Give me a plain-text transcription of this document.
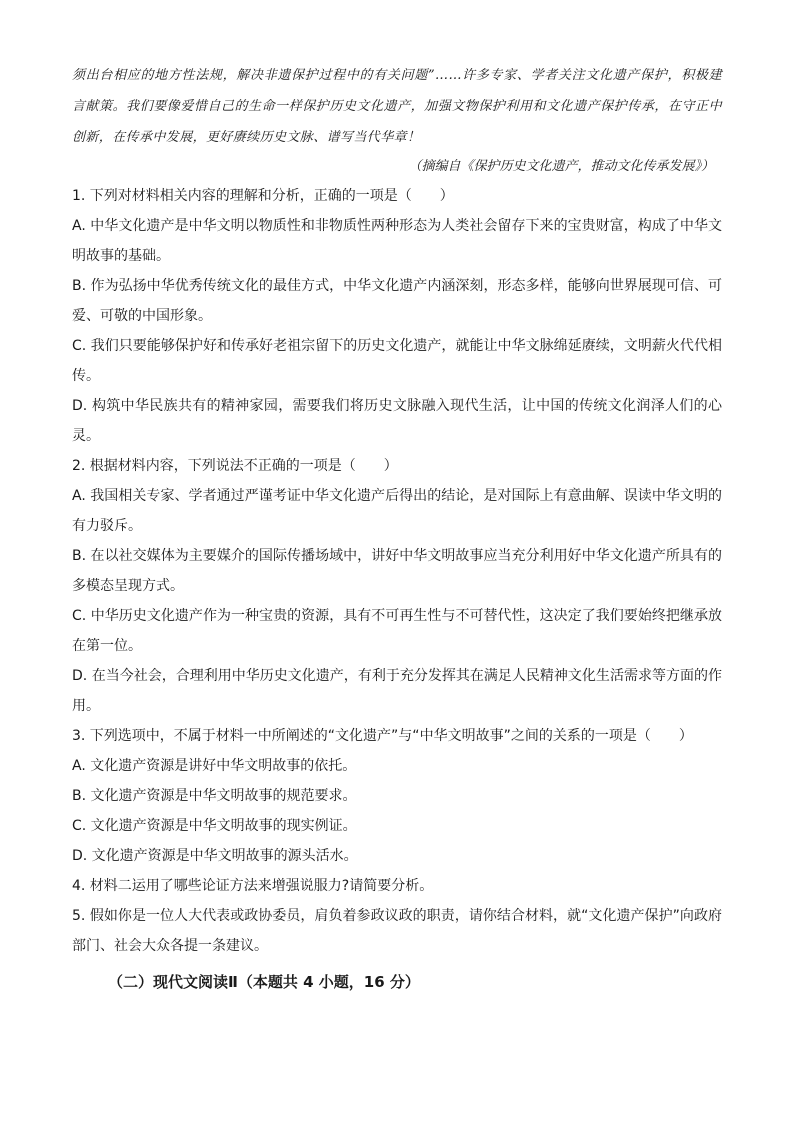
须出台相应的地方性法规，解决非遗保护过程中的有关问题”……许多专家、学者关注文化遗产保护，积极建言献策。我们要像爱惜自己的生命一样保护历史文化遗产，加强文物保护利用和文化遗产保护传承，在守正中创新，在传承中发展，更好赓续历史文脉、谱写当代华章！

（摘编自《保护历史文化遗产，推动文化传承发展》）

1. 下列对材料相关内容的理解和分析，正确的一项是（　　）

A. 中华文化遗产是中华文明以物质性和非物质性两种形态为人类社会留存下来的宝贵财富，构成了中华文明故事的基础。

B. 作为弘扬中华优秀传统文化的最佳方式，中华文化遗产内涵深刻，形态多样，能够向世界展现可信、可爱、可敬的中国形象。

C. 我们只要能够保护好和传承好老祖宗留下的历史文化遗产，就能让中华文脉绵延赓续，文明薪火代代相传。

D. 构筑中华民族共有的精神家园，需要我们将历史文脉融入现代生活，让中国的传统文化润泽人们的心灵。

2. 根据材料内容，下列说法不正确的一项是（　　）

A. 我国相关专家、学者通过严谨考证中华文化遗产后得出的结论，是对国际上有意曲解、误读中华文明的有力驳斥。

B. 在以社交媒体为主要媒介的国际传播场域中，讲好中华文明故事应当充分利用好中华文化遗产所具有的多模态呈现方式。

C. 中华历史文化遗产作为一种宝贵的资源，具有不可再生性与不可替代性，这决定了我们要始终把继承放在第一位。

D. 在当今社会，合理利用中华历史文化遗产，有利于充分发挥其在满足人民精神文化生活需求等方面的作用。

3. 下列选项中，不属于材料一中所阐述的“文化遗产”与“中华文明故事”之间的关系的一项是（　　）

A. 文化遗产资源是讲好中华文明故事的依托。

B. 文化遗产资源是中华文明故事的规范要求。

C. 文化遗产资源是中华文明故事的现实例证。

D. 文化遗产资源是中华文明故事的源头活水。

4. 材料二运用了哪些论证方法来增强说服力?请简要分析。

5. 假如你是一位人大代表或政协委员，肩负着参政议政的职责，请你结合材料，就“文化遗产保护”向政府部门、社会大众各提一条建议。

（二）现代文阅读Ⅱ（本题共 4 小题，16 分）
